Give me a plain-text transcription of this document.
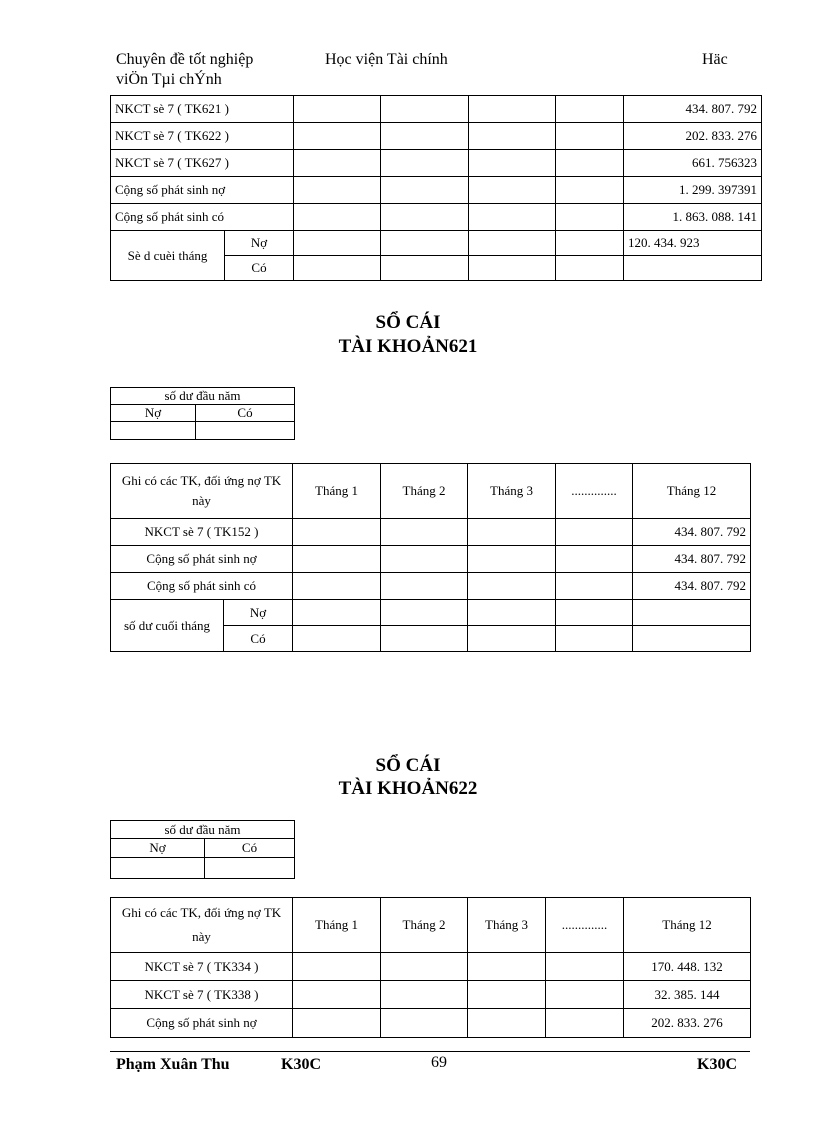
Chuyên đề tốt nghiệp
viÖn Tµi chÝnh
Học viện Tài chính	Häc
NKCT sè 7 ( TK621 )						434. 807. 792
NKCT sè 7 ( TK622 )						202. 833. 276
NKCT sè 7 ( TK627 )						661. 756323
Cộng số phát sinh nợ						1. 299. 397391
Cộng số phát sinh có						1. 863. 088. 141
Sè d cuèi tháng	Nợ					120. 434. 923
	Có					
SỔ CÁI
TÀI KHOẢN621
số dư đầu năm	
Nợ	Có

Ghi có các TK, đối ứng nợ TK này		Tháng 1	Tháng 2	Tháng 3	..............	Tháng 12
NKCT sè 7 ( TK152 )						434. 807. 792
Cộng số phát sinh nợ						434. 807. 792
Cộng số phát sinh có						434. 807. 792
số dư cuối tháng	Nợ					
	Có					
SỔ CÁI
TÀI KHOẢN622
số dư đầu năm	
Nợ	Có

Ghi có các TK, đối ứng nợ TK này	Tháng 1	Tháng 2	Tháng 3	..............	Tháng 12
NKCT sè 7 ( TK334 )					170. 448. 132
NKCT sè 7 ( TK338 )					32. 385. 144
Cộng số phát sinh nợ					202. 833. 276
Phạm Xuân Thu	K30C	69	K30C
